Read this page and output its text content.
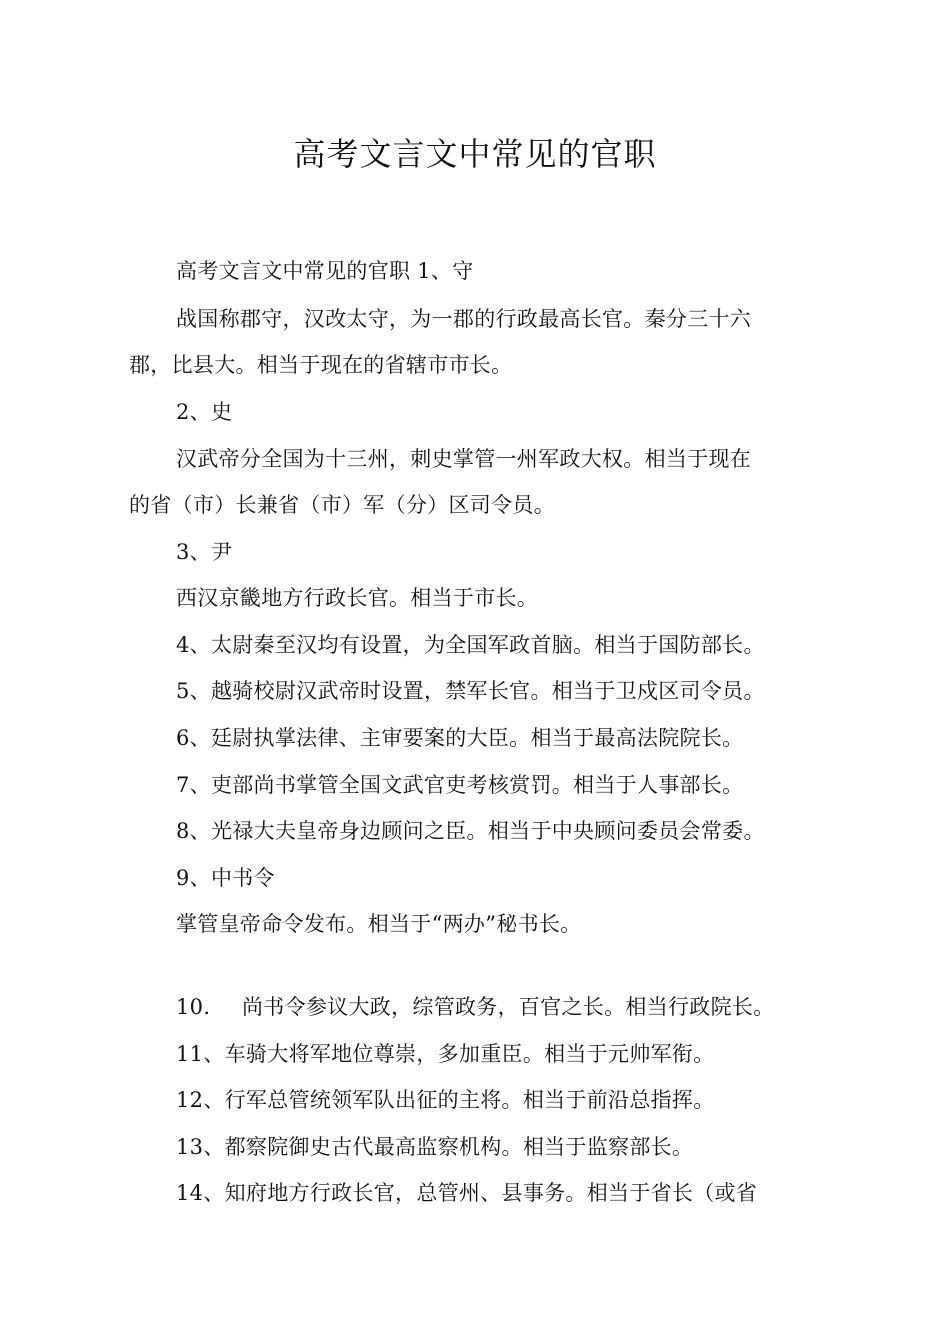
高考文言文中常见的官职
高考文言文中常见的官职 1、守
战国称郡守，汉改太守，为一郡的行政最高长官。秦分三十六
郡，比县大。相当于现在的省辖市市长。
2、史
汉武帝分全国为十三州，刺史掌管一州军政大权。相当于现在
的省（市）长兼省（市）军（分）区司令员。
3、尹
西汉京畿地方行政长官。相当于市长。
4、太尉秦至汉均有设置，为全国军政首脑。相当于国防部长。
5、越骑校尉汉武帝时设置，禁军长官。相当于卫戍区司令员。
6、廷尉执掌法律、主审要案的大臣。相当于最高法院院长。
7、吏部尚书掌管全国文武官吏考核赏罚。相当于人事部长。
8、光禄大夫皇帝身边顾问之臣。相当于中央顾问委员会常委。
9、中书令
掌管皇帝命令发布。相当于“两办”秘书长。
10. 尚书令参议大政，综管政务，百官之长。相当行政院长。
11、车骑大将军地位尊崇，多加重臣。相当于元帅军衔。
12、行军总管统领军队出征的主将。相当于前沿总指挥。
13、都察院御史古代最高监察机构。相当于监察部长。
14、知府地方行政长官，总管州、县事务。相当于省长（或省
